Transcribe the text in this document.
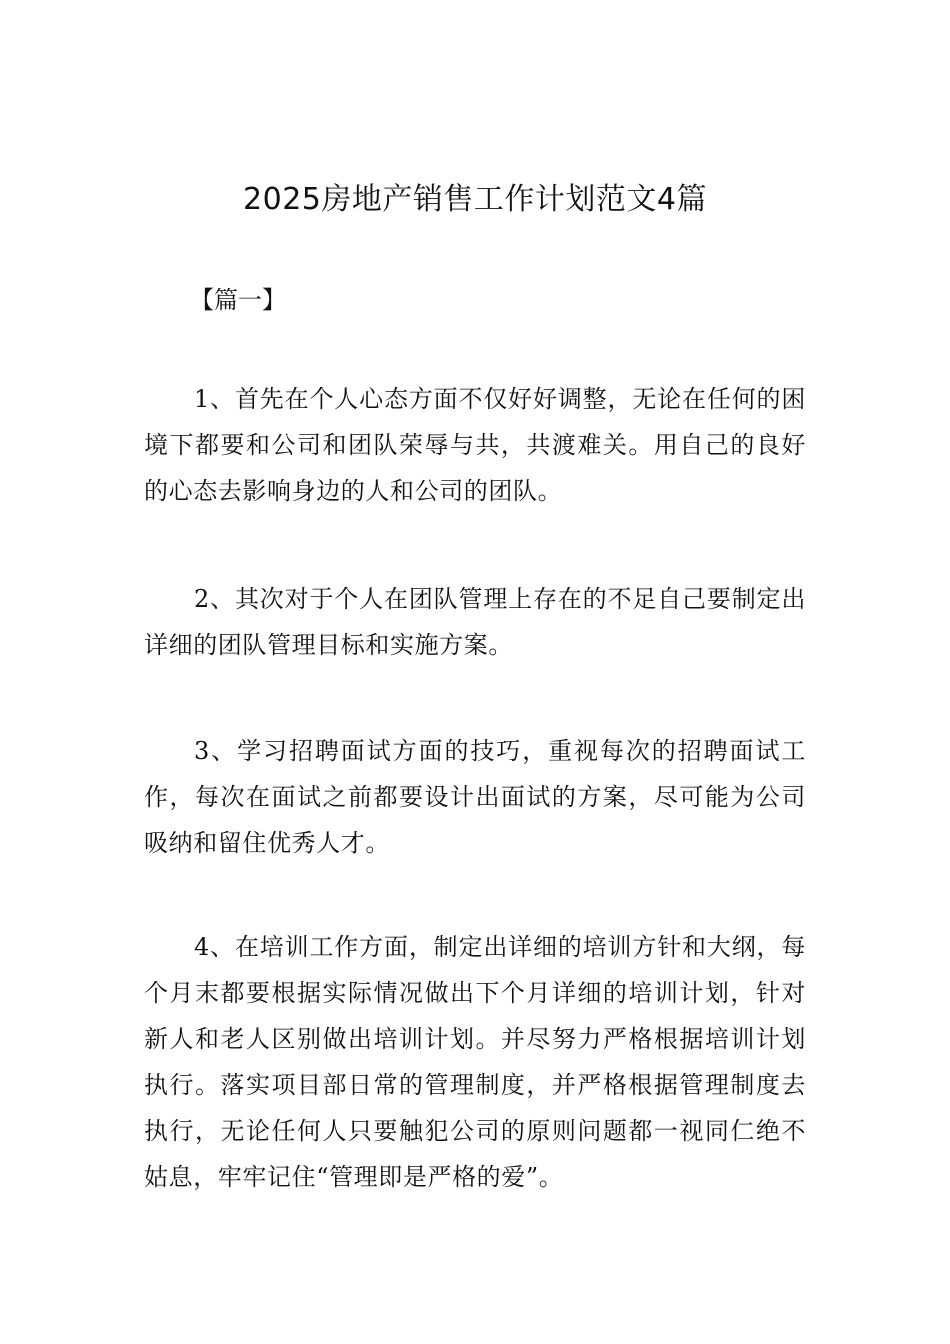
2025房地产销售工作计划范文4篇

【篇一】

1、首先在个人心态方面不仅好好调整，无论在任何的困境下都要和公司和团队荣辱与共，共渡难关。用自己的良好的心态去影响身边的人和公司的团队。

2、其次对于个人在团队管理上存在的不足自己要制定出详细的团队管理目标和实施方案。

3、学习招聘面试方面的技巧，重视每次的招聘面试工作，每次在面试之前都要设计出面试的方案，尽可能为公司吸纳和留住优秀人才。

4、在培训工作方面，制定出详细的培训方针和大纲，每个月末都要根据实际情况做出下个月详细的培训计划，针对新人和老人区别做出培训计划。并尽努力严格根据培训计划执行。落实项目部日常的管理制度，并严格根据管理制度去执行，无论任何人只要触犯公司的原则问题都一视同仁绝不姑息，牢牢记住“管理即是严格的爱”。
